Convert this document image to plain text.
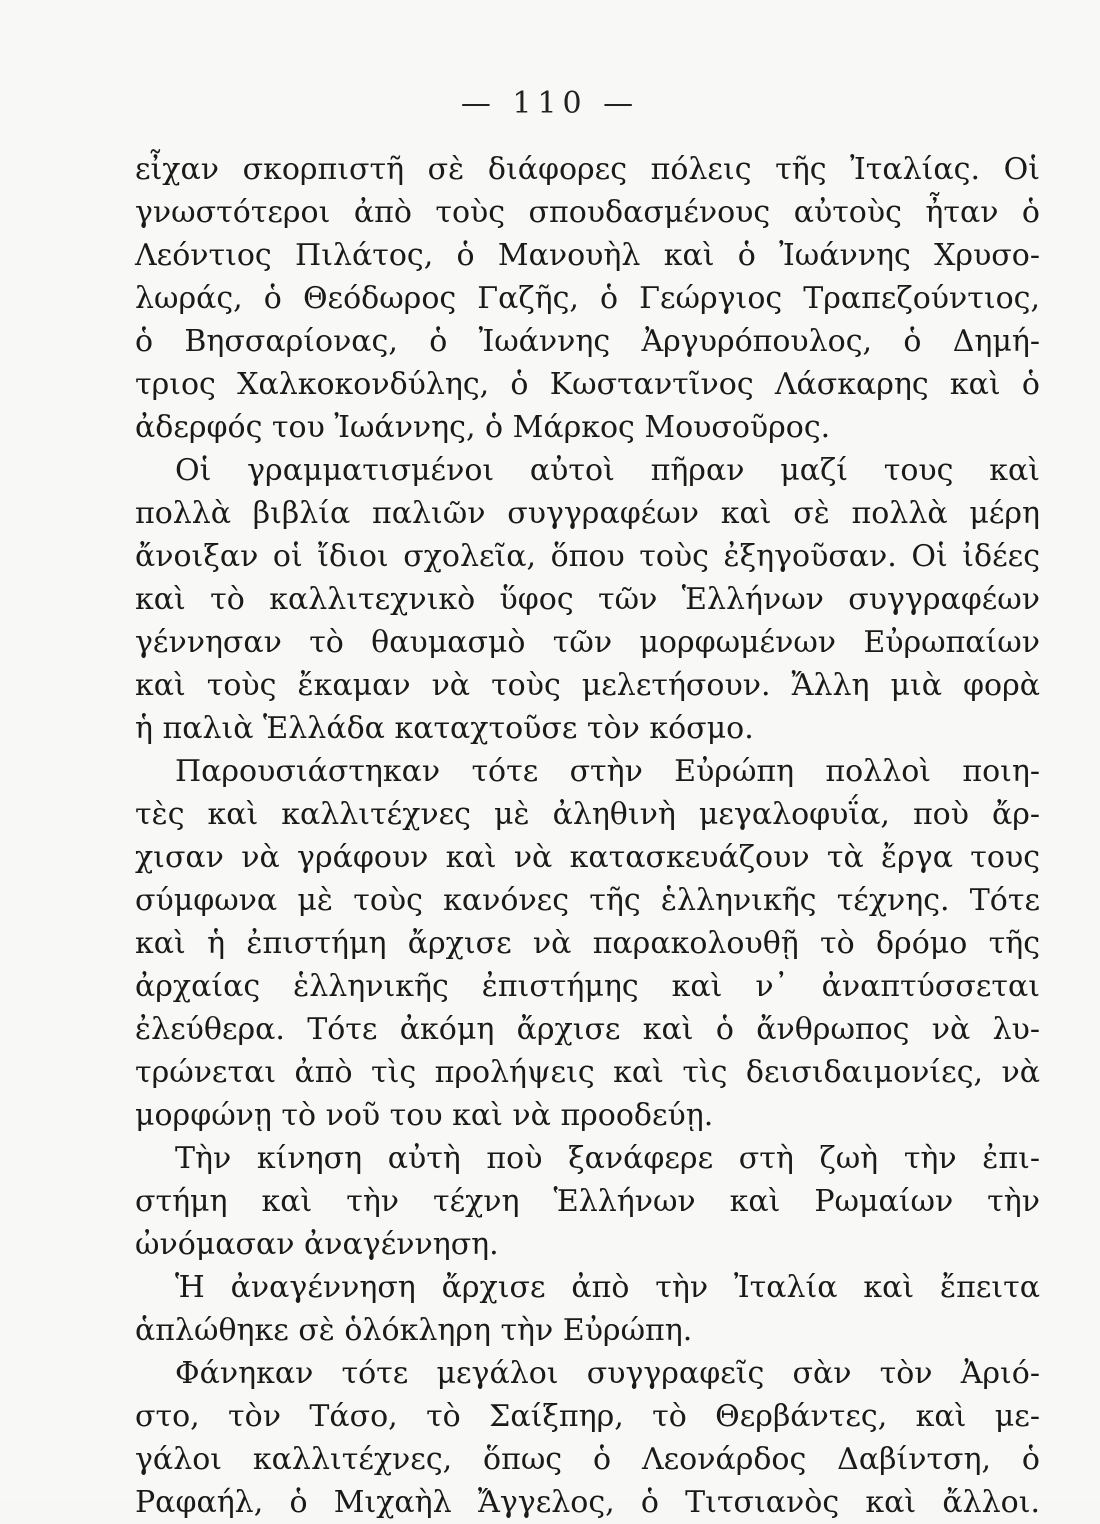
— 110 —
εἶχαν σκορπιστῆ σὲ διάφορες πόλεις τῆς Ἰταλίας. Οἱ
γνωστότεροι ἀπὸ τοὺς σπουδασμένους αὐτοὺς ἦταν ὁ
Λεόντιος Πιλάτος, ὁ Μανουὴλ καὶ ὁ Ἰωάννης Χρυσο-
λωράς, ὁ Θεόδωρος Γαζῆς, ὁ Γεώργιος Τραπεζούντιος,
ὁ Βησσαρίονας, ὁ Ἰωάννης Ἀργυρόπουλος, ὁ Δημή-
τριος Χαλκοκονδύλης, ὁ Κωσταντῖνος Λάσκαρης καὶ ὁ
ἀδερφός του Ἰωάννης, ὁ Μάρκος Μουσοῦρος.
Οἱ γραμματισμένοι αὐτοὶ πῆραν μαζί τους καὶ
πολλὰ βιβλία παλιῶν συγγραφέων καὶ σὲ πολλὰ μέρη
ἄνοιξαν οἱ ἴδιοι σχολεῖα, ὅπου τοὺς ἐξηγοῦσαν. Οἱ ἰδέες
καὶ τὸ καλλιτεχνικὸ ὕφος τῶν Ἑλλήνων συγγραφέων
γέννησαν τὸ θαυμασμὸ τῶν μορφωμένων Εὐρωπαίων
καὶ τοὺς ἔκαμαν νὰ τοὺς μελετήσουν. Ἄλλη μιὰ φορὰ
ἡ παλιὰ Ἑλλάδα καταχτοῦσε τὸν κόσμο.
Παρουσιάστηκαν τότε στὴν Εὐρώπη πολλοὶ ποιη-
τὲς καὶ καλλιτέχνες μὲ ἀληθινὴ μεγαλοφυΐα, ποὺ ἄρ-
χισαν νὰ γράφουν καὶ νὰ κατασκευάζουν τὰ ἔργα τους
σύμφωνα μὲ τοὺς κανόνες τῆς ἑλληνικῆς τέχνης. Τότε
καὶ ἡ ἐπιστήμη ἄρχισε νὰ παρακολουθῇ τὸ δρόμο τῆς
ἀρχαίας ἑλληνικῆς ἐπιστήμης καὶ ν᾽ ἀναπτύσσεται
ἐλεύθερα. Τότε ἀκόμη ἄρχισε καὶ ὁ ἄνθρωπος νὰ λυ-
τρώνεται ἀπὸ τὶς προλήψεις καὶ τὶς δεισιδαιμονίες, νὰ
μορφώνῃ τὸ νοῦ του καὶ νὰ προοδεύῃ.
Τὴν κίνηση αὐτὴ ποὺ ξανάφερε στὴ ζωὴ τὴν ἐπι-
στήμη καὶ τὴν τέχνη Ἑλλήνων καὶ Ρωμαίων τὴν
ὠνόμασαν ἀναγέννηση.
Ἡ ἀναγέννηση ἄρχισε ἀπὸ τὴν Ἰταλία καὶ ἔπειτα
ἁπλώθηκε σὲ ὁλόκληρη τὴν Εὐρώπη.
Φάνηκαν τότε μεγάλοι συγγραφεῖς σὰν τὸν Ἀριό-
στο, τὸν Τάσο, τὸ Σαίξπηρ, τὸ Θερβάντες, καὶ με-
γάλοι καλλιτέχνες, ὅπως ὁ Λεονάρδος Δαβίντση, ὁ
Ραφαήλ, ὁ Μιχαὴλ Ἄγγελος, ὁ Τιτσιανὸς καὶ ἄλλοι.
